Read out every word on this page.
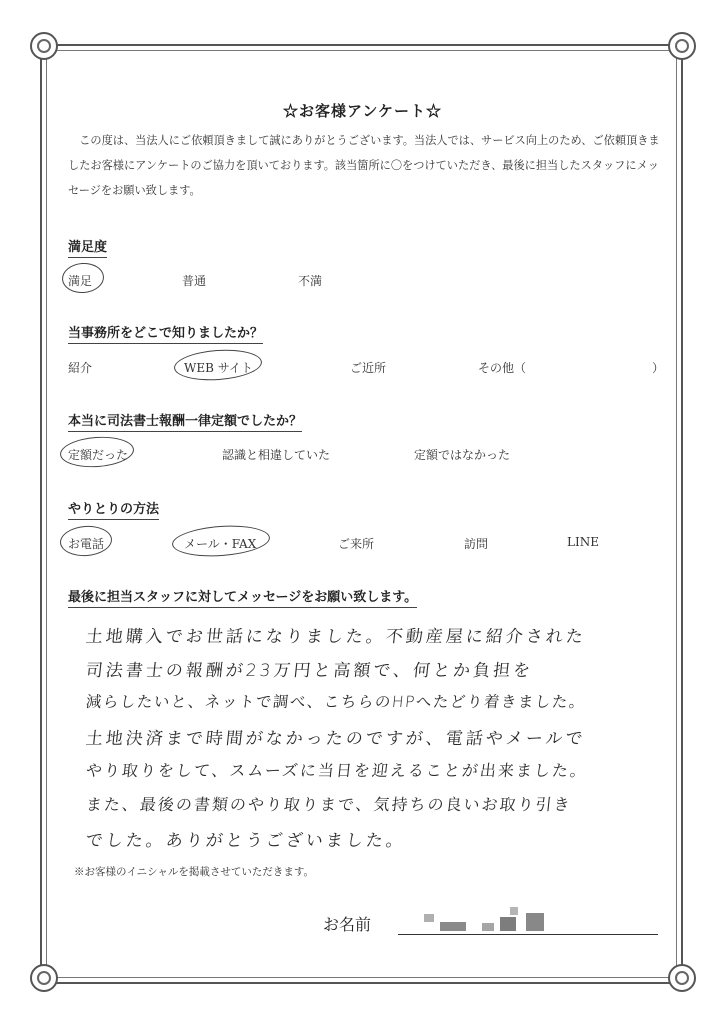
☆お客様アンケート☆
この度は、当法人にご依頼頂きまして誠にありがとうございます。当法人では、サービス向上のため、ご依頼頂きましたお客様にアンケートのご協力を頂いております。該当箇所に〇をつけていただき、最後に担当したスタッフにメッセージをお願い致します。
満足度
満足	普通	不満
当事務所をどこで知りましたか？
紹介	WEB サイト	ご近所	その他（	）
本当に司法書士報酬一律定額でしたか？
定額だった	認識と相違していた	定額ではなかった
やりとりの方法
お電話	メール・FAX	ご来所	訪問	LINE
最後に担当スタッフに対してメッセージをお願い致します。
土地購入でお世話になりました。不動産屋に紹介された
司法書士の報酬が23万円と高額で、何とか負担を
減らしたいと、ネットで調べ、こちらのHPへたどり着きました。
土地決済まで時間がなかったのですが、電話やメールで
やり取りをして、スムーズに当日を迎えることが出来ました。
また、最後の書類のやり取りまで、気持ちの良いお取り引き
でした。ありがとうございました。
※お客様のイニシャルを掲載させていただきます。
お名前
